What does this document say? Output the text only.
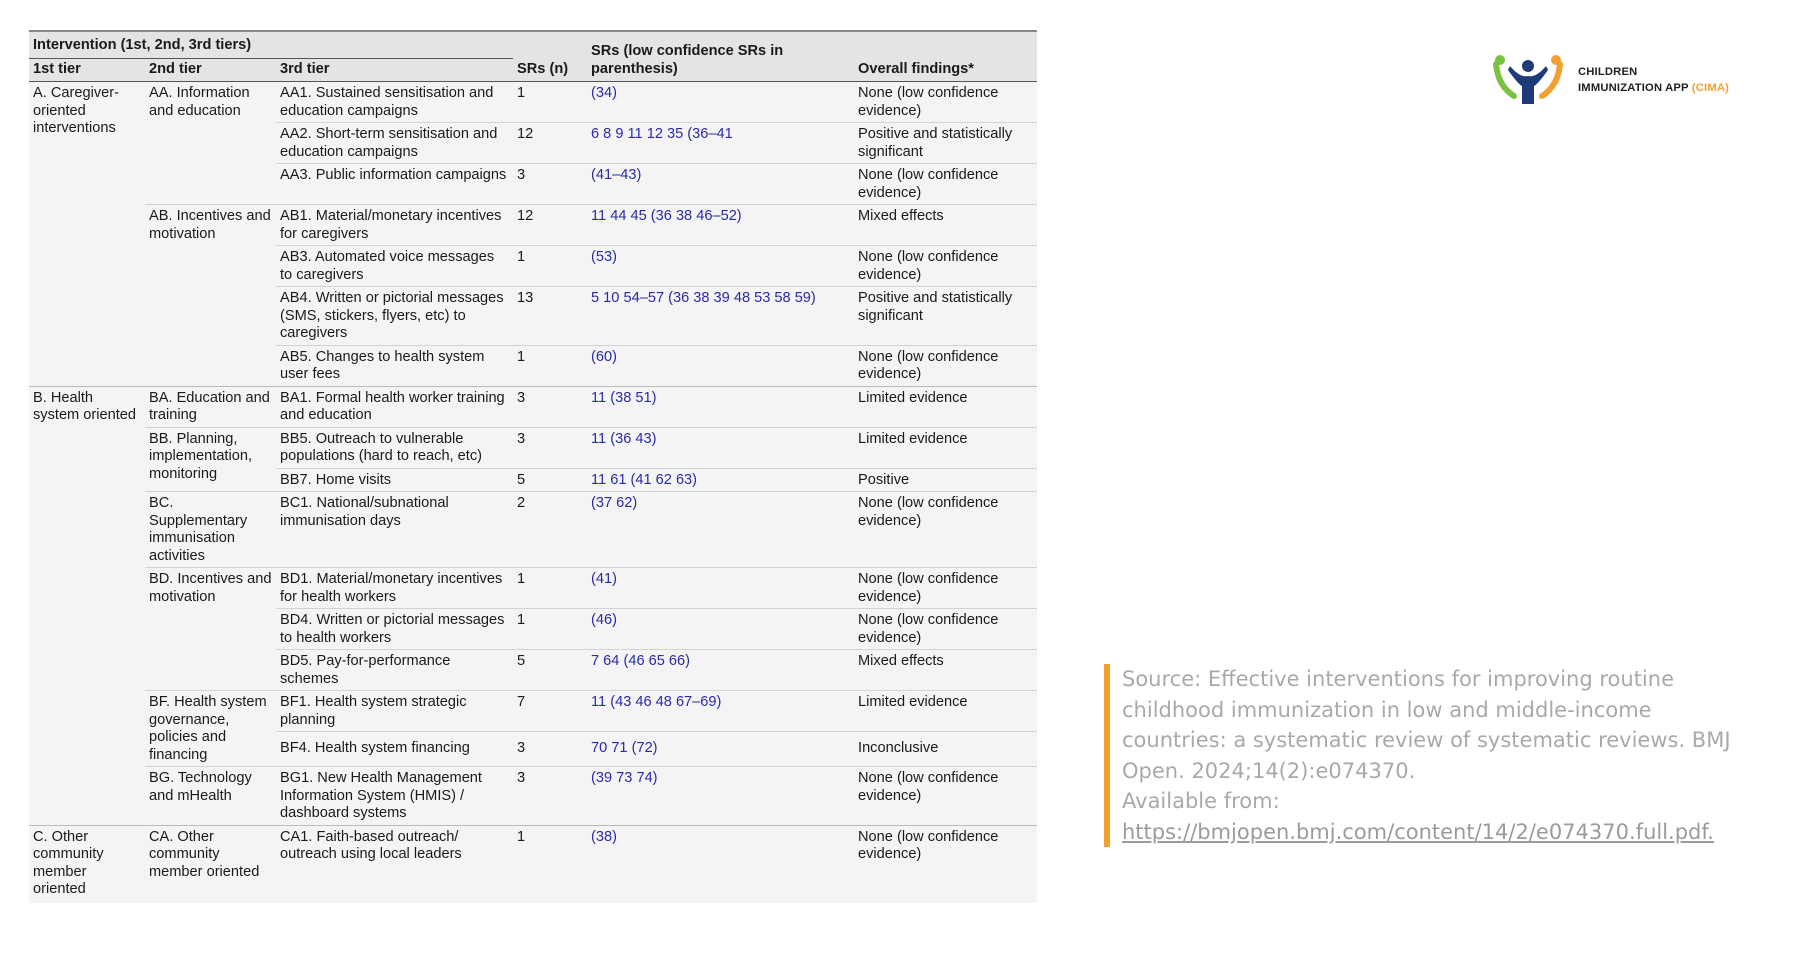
Intervention (1st, 2nd, 3rd tiers)			SRs (n)	SRs (low confidence SRs in parenthesis)	Overall findings*
1st tier	2nd tier	3rd tier			
A. Caregiver-oriented interventions	AA. Information and education	AA1. Sustained sensitisation and education campaigns	1	(34)	None (low confidence evidence)
		AA2. Short-term sensitisation and education campaigns	12	6 8 9 11 12 35 (36–41	Positive and statistically significant
		AA3. Public information campaigns	3	(41–43)	None (low confidence evidence)
	AB. Incentives and motivation	AB1. Material/monetary incentives for caregivers	12	11 44 45 (36 38 46–52)	Mixed effects
		AB3. Automated voice messages to caregivers	1	(53)	None (low confidence evidence)
		AB4. Written or pictorial messages (SMS, stickers, flyers, etc) to caregivers	13	5 10 54–57 (36 38 39 48 53 58 59)	Positive and statistically significant
		AB5. Changes to health system user fees	1	(60)	None (low confidence evidence)
B. Health system oriented	BA. Education and training	BA1. Formal health worker training and education	3	11 (38 51)	Limited evidence
	BB. Planning, implementation, monitoring	BB5. Outreach to vulnerable populations (hard to reach, etc)	3	11 (36 43)	Limited evidence
		BB7. Home visits	5	11 61 (41 62 63)	Positive
	BC. Supplementary immunisation activities	BC1. National/subnational immunisation days	2	(37 62)	None (low confidence evidence)
	BD. Incentives and motivation	BD1. Material/monetary incentives for health workers	1	(41)	None (low confidence evidence)
		BD4. Written or pictorial messages to health workers	1	(46)	None (low confidence evidence)
		BD5. Pay-for-performance schemes	5	7 64 (46 65 66)	Mixed effects
	BF. Health system governance, policies and financing	BF1. Health system strategic planning	7	11 (43 46 48 67–69)	Limited evidence
		BF4. Health system financing	3	70 71 (72)	Inconclusive
	BG. Technology and mHealth	BG1. New Health Management Information System (HMIS) / dashboard systems	3	(39 73 74)	None (low confidence evidence)
C. Other community member oriented	CA. Other community member oriented	CA1. Faith-based outreach/ outreach using local leaders	1	(38)	None (low confidence evidence)
CHILDREN
IMMUNIZATION APP (CIMA)
Source: Effective interventions for improving routine childhood immunization in low and middle-income countries: a systematic review of systematic reviews. BMJ Open. 2024;14(2):e074370.
Available from: https://bmjopen.bmj.com/content/14/2/e074370.full.pdf.
